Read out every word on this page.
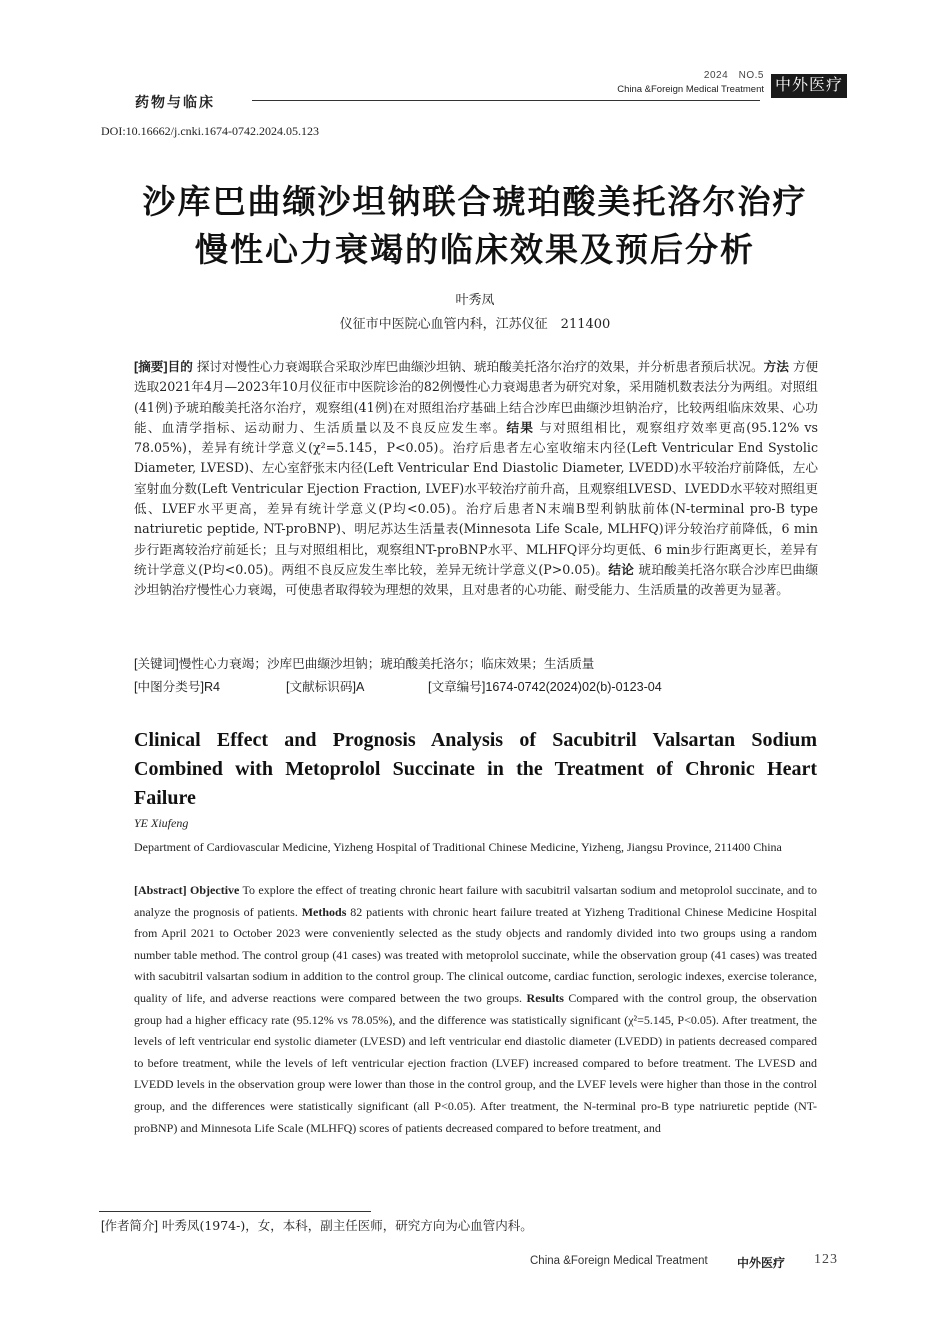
药物与临床
2024　NO.5
China &Foreign Medical Treatment 中外医疗
DOI:10.16662/j.cnki.1674-0742.2024.05.123
沙库巴曲缬沙坦钠联合琥珀酸美托洛尔治疗
慢性心力衰竭的临床效果及预后分析
叶秀凤
仪征市中医院心血管内科，江苏仪征　211400
[摘要]目的 探讨对慢性心力衰竭联合采取沙库巴曲缬沙坦钠、琥珀酸美托洛尔治疗的效果，并分析患者预后状况。方法 方便选取2021年4月—2023年10月仪征市中医院诊治的82例慢性心力衰竭患者为研究对象，采用随机数表法分为两组。对照组(41例)予琥珀酸美托洛尔治疗，观察组(41例)在对照组治疗基础上结合沙库巴曲缬沙坦钠治疗，比较两组临床效果、心功能、血清学指标、运动耐力、生活质量以及不良反应发生率。结果 与对照组相比，观察组疗效率更高(95.12% vs 78.05%)，差异有统计学意义(χ²=5.145，P<0.05)。治疗后患者左心室收缩末内径(Left Ventricular End Systolic Diameter, LVESD)、左心室舒张末内径(Left Ventricular End Diastolic Diameter, LVEDD)水平较治疗前降低，左心室射血分数(Left Ventricular Ejection Fraction, LVEF)水平较治疗前升高，且观察组LVESD、LVEDD水平较对照组更低、LVEF水平更高，差异有统计学意义(P均<0.05)。治疗后患者N末端B型利钠肽前体(N-terminal pro-B type natriuretic peptide, NT-proBNP)、明尼苏达生活量表(Minnesota Life Scale, MLHFQ)评分较治疗前降低，6 min步行距离较治疗前延长；且与对照组相比，观察组NT-proBNP水平、MLHFQ评分均更低、6 min步行距离更长，差异有统计学意义(P均<0.05)。两组不良反应发生率比较，差异无统计学意义(P>0.05)。结论 琥珀酸美托洛尔联合沙库巴曲缬沙坦钠治疗慢性心力衰竭，可使患者取得较为理想的效果，且对患者的心功能、耐受能力、生活质量的改善更为显著。
[关键词]慢性心力衰竭；沙库巴曲缬沙坦钠；琥珀酸美托洛尔；临床效果；生活质量
[中图分类号]R4	[文献标识码]A	[文章编号]1674-0742(2024)02(b)-0123-04
Clinical Effect and Prognosis Analysis of Sacubitril Valsartan Sodium Combined with Metoprolol Succinate in the Treatment of Chronic Heart Failure
YE Xiufeng
Department of Cardiovascular Medicine, Yizheng Hospital of Traditional Chinese Medicine, Yizheng, Jiangsu Province, 211400 China
[Abstract] Objective To explore the effect of treating chronic heart failure with sacubitril valsartan sodium and metoprolol succinate, and to analyze the prognosis of patients. Methods 82 patients with chronic heart failure treated at Yizheng Traditional Chinese Medicine Hospital from April 2021 to October 2023 were conveniently selected as the study objects and randomly divided into two groups using a random number table method. The control group (41 cases) was treated with metoprolol succinate, while the observation group (41 cases) was treated with sacubitril valsartan sodium in addition to the control group. The clinical outcome, cardiac function, serologic indexes, exercise tolerance, quality of life, and adverse reactions were compared between the two groups. Results Compared with the control group, the observation group had a higher efficacy rate (95.12% vs 78.05%), and the difference was statistically significant (χ²=5.145, P<0.05). After treatment, the levels of left ventricular end systolic diameter (LVESD) and left ventricular end diastolic diameter (LVEDD) in patients decreased compared to before treatment, while the levels of left ventricular ejection fraction (LVEF) increased compared to before treatment. The LVESD and LVEDD levels in the observation group were lower than those in the control group, and the LVEF levels were higher than those in the control group, and the differences were statistically significant (all P<0.05). After treatment, the N-terminal pro-B type natriuretic peptide (NT-proBNP) and Minnesota Life Scale (MLHFQ) scores of patients decreased compared to before treatment, and
[作者简介] 叶秀凤(1974-)，女，本科，副主任医师，研究方向为心血管内科。
China &Foreign Medical Treatment 中外医疗 123
